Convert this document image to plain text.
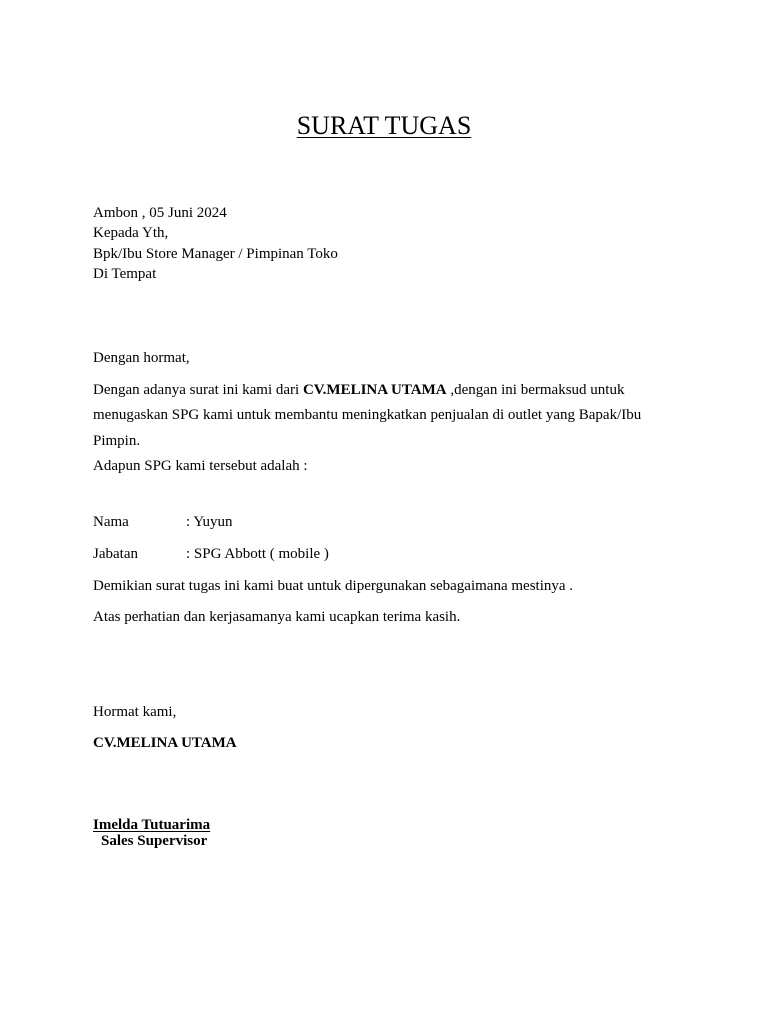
SURAT TUGAS
Ambon , 05 Juni 2024
Kepada Yth,
Bpk/Ibu Store Manager / Pimpinan Toko
Di Tempat
Dengan hormat,
Dengan adanya surat ini kami dari CV.MELINA UTAMA ,dengan ini bermaksud untuk
menugaskan SPG kami untuk membantu meningkatkan penjualan di outlet yang Bapak/Ibu
Pimpin.
Adapun SPG kami tersebut adalah :
Nama	: Yuyun
Jabatan	: SPG Abbott ( mobile )
Demikian surat tugas ini kami buat untuk dipergunakan sebagaimana mestinya .
Atas perhatian dan kerjasamanya kami ucapkan terima kasih.
Hormat kami,
CV.MELINA UTAMA
Imelda Tutuarima
Sales Supervisor
